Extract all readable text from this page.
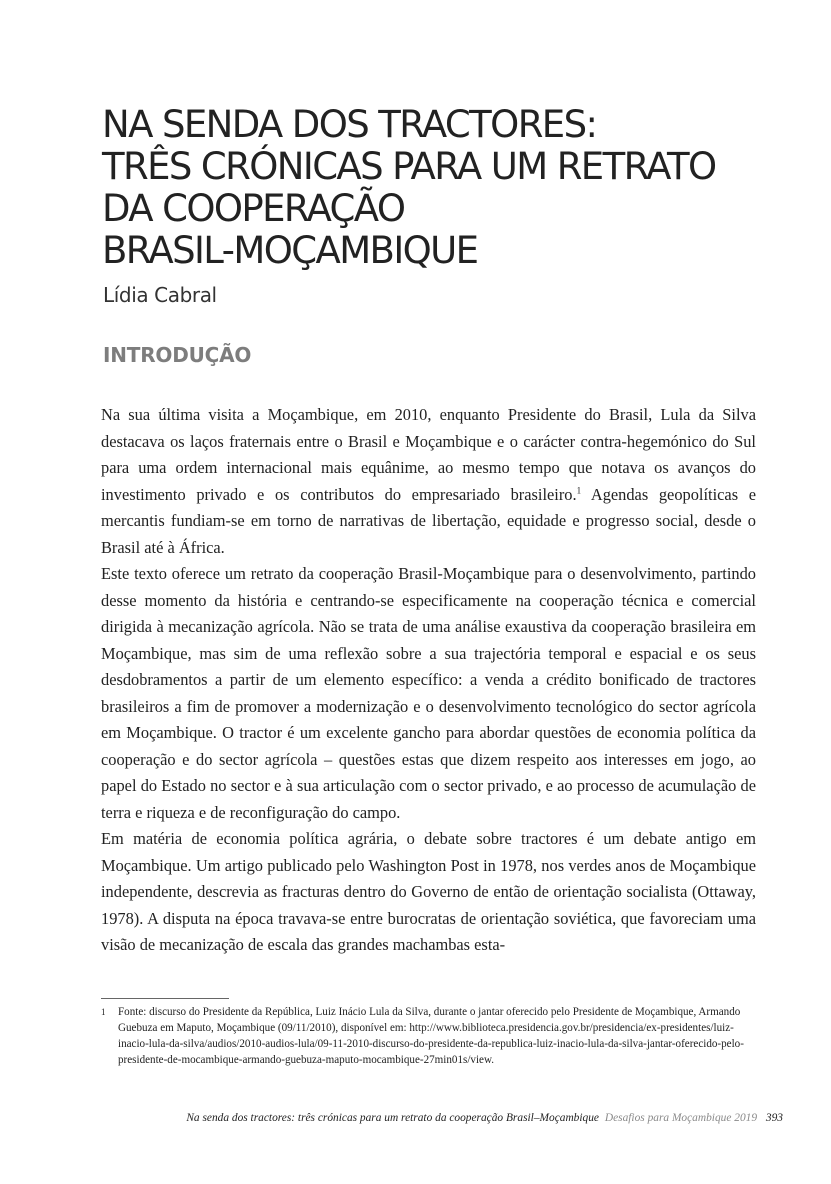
NA SENDA DOS TRACTORES:
TRÊS CRÓNICAS PARA UM RETRATO
DA COOPERAÇÃO
BRASIL-MOÇAMBIQUE

Lídia Cabral

INTRODUÇÃO

Na sua última visita a Moçambique, em 2010, enquanto Presidente do Brasil, Lula da Silva destacava os laços fraternais entre o Brasil e Moçambique e o carácter contra-hegemónico do Sul para uma ordem internacional mais equânime, ao mesmo tempo que notava os avanços do investimento privado e os contributos do empresariado brasileiro.$^1$ Agendas geopolíticas e mercantis fundiam-se em torno de narrativas de libertação, equidade e progresso social, desde o Brasil até à África.

Este texto oferece um retrato da cooperação Brasil-Moçambique para o desenvolvimento, partindo desse momento da história e centrando-se especificamente na cooperação técnica e comercial dirigida à mecanização agrícola. Não se trata de uma análise exaustiva da cooperação brasileira em Moçambique, mas sim de uma reflexão sobre a sua trajectória temporal e espacial e os seus desdobramentos a partir de um elemento específico: a venda a crédito bonificado de tractores brasileiros a fim de promover a modernização e o desenvolvimento tecnológico do sector agrícola em Moçambique. O tractor é um excelente gancho para abordar questões de economia política da cooperação e do sector agrícola – questões estas que dizem respeito aos interesses em jogo, ao papel do Estado no sector e à sua articulação com o sector privado, e ao processo de acumulação de terra e riqueza e de reconfiguração do campo.

Em matéria de economia política agrária, o debate sobre tractores é um debate antigo em Moçambique. Um artigo publicado pelo Washington Post in 1978, nos verdes anos de Moçambique independente, descrevia as fracturas dentro do Governo de então de orientação socialista (Ottaway, 1978). A disputa na época travava-se entre burocratas de orientação soviética, que favoreciam uma visão de mecanização de escala das grandes machambas esta-

1 Fonte: discurso do Presidente da República, Luiz Inácio Lula da Silva, durante o jantar oferecido pelo Presidente de Moçambique, Armando Guebuza em Maputo, Moçambique (09/11/2010), disponível em: http://www.biblioteca.presidencia.gov.br/presidencia/ex-presidentes/luiz-inacio-lula-da-silva/audios/2010-audios-lula/09-11-2010-discurso-do-presidente-da-republica-luiz-inacio-lula-da-silva-jantar-oferecido-pelo-presidente-de-mocambique-armando-guebuza-maputo-mocambique-27min01s/view.
Na senda dos tractores: três crónicas para um retrato da cooperação Brasil–Moçambique Desafios para Moçambique 2019 393
